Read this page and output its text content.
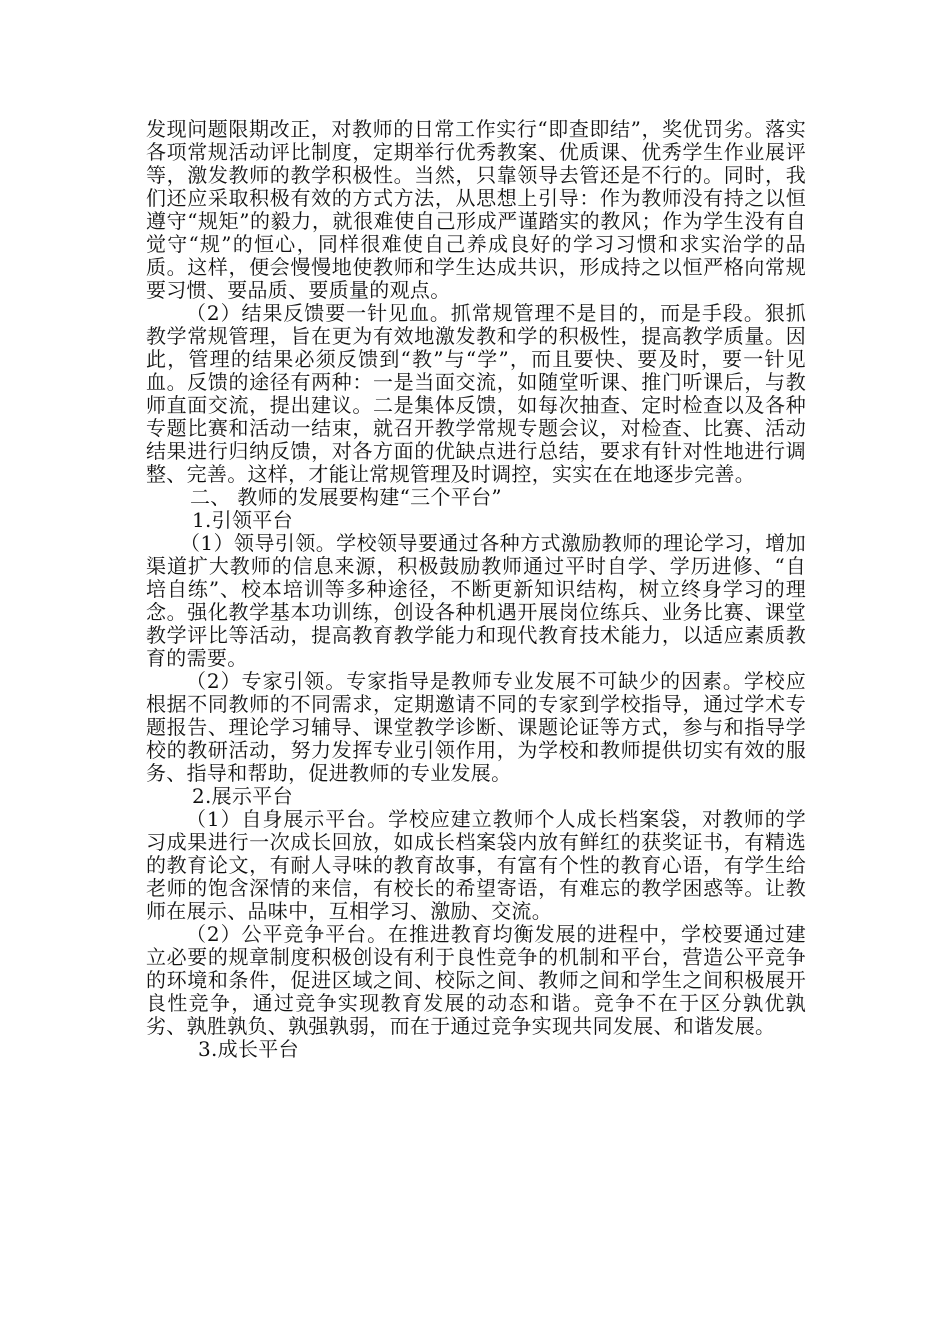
发现问题限期改正，对教师的日常工作实行“即查即结”，奖优罚劣。落实各项常规活动评比制度，定期举行优秀教案、优质课、优秀学生作业展评等，激发教师的教学积极性。当然，只靠领导去管还是不行的。同时，我们还应采取积极有效的方式方法，从思想上引导：作为教师没有持之以恒遵守“规矩”的毅力，就很难使自己形成严谨踏实的教风；作为学生没有自觉守“规”的恒心，同样很难使自己养成良好的学习习惯和求实治学的品质。这样，便会慢慢地使教师和学生达成共识，形成持之以恒严格向常规要习惯、要品质、要质量的观点。

（2）结果反馈要一针见血。抓常规管理不是目的，而是手段。狠抓教学常规管理，旨在更为有效地激发教和学的积极性，提高教学质量。因此，管理的结果必须反馈到“教”与“学”，而且要快、要及时，要一针见血。反馈的途径有两种：一是当面交流，如随堂听课、推门听课后，与教师直面交流，提出建议。二是集体反馈，如每次抽查、定时检查以及各种专题比赛和活动一结束，就召开教学常规专题会议，对检查、比赛、活动结果进行归纳反馈，对各方面的优缺点进行总结，要求有针对性地进行调整、完善。这样，才能让常规管理及时调控，实实在在地逐步完善。

二、 教师的发展要构建“三个平台”

1.引领平台

（1）领导引领。学校领导要通过各种方式激励教师的理论学习，增加渠道扩大教师的信息来源，积极鼓励教师通过平时自学、学历进修、“自培自练”、校本培训等多种途径，不断更新知识结构，树立终身学习的理念。强化教学基本功训练，创设各种机遇开展岗位练兵、业务比赛、课堂教学评比等活动，提高教育教学能力和现代教育技术能力，以适应素质教育的需要。

（2）专家引领。专家指导是教师专业发展不可缺少的因素。学校应根据不同教师的不同需求，定期邀请不同的专家到学校指导，通过学术专题报告、理论学习辅导、课堂教学诊断、课题论证等方式，参与和指导学校的教研活动，努力发挥专业引领作用，为学校和教师提供切实有效的服务、指导和帮助，促进教师的专业发展。

2.展示平台

（1）自身展示平台。学校应建立教师个人成长档案袋，对教师的学习成果进行一次成长回放，如成长档案袋内放有鲜红的获奖证书，有精选的教育论文，有耐人寻味的教育故事，有富有个性的教育心语，有学生给老师的饱含深情的来信，有校长的希望寄语，有难忘的教学困惑等。让教师在展示、品味中，互相学习、激励、交流。

（2）公平竞争平台。在推进教育均衡发展的进程中，学校要通过建立必要的规章制度积极创设有利于良性竞争的机制和平台，营造公平竞争的环境和条件，促进区域之间、校际之间、教师之间和学生之间积极展开良性竞争，通过竞争实现教育发展的动态和谐。竞争不在于区分孰优孰劣、孰胜孰负、孰强孰弱，而在于通过竞争实现共同发展、和谐发展。

3.成长平台
